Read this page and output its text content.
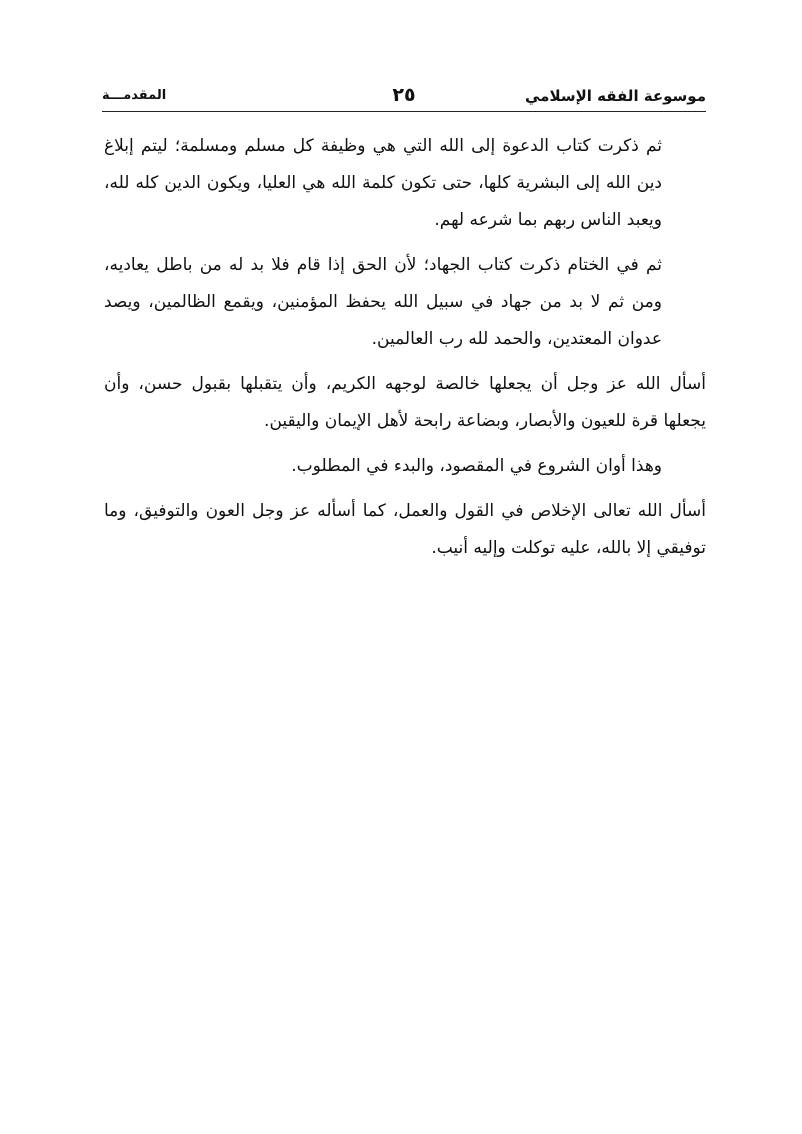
موسوعة الفقه الإسلامي
٢٥
المقدمـــة

ثم ذكرت كتاب الدعوة إلى الله التي هي وظيفة كل مسلم ومسلمة؛ ليتم إبلاغ دين الله إلى البشرية كلها، حتى تكون كلمة الله هي العليا، ويكون الدين كله لله، ويعبد الناس ربهم بما شرعه لهم.

ثم في الختام ذكرت كتاب الجهاد؛ لأن الحق إذا قام فلا بد له من باطل يعاديه، ومن ثم لا بد من جهاد في سبيل الله يحفظ المؤمنين، ويقمع الظالمين، ويصد عدوان المعتدين، والحمد لله رب العالمين.

أسأل الله عز وجل أن يجعلها خالصة لوجهه الكريم، وأن يتقبلها بقبول حسن، وأن يجعلها قرة للعيون والأبصار، وبضاعة رابحة لأهل الإيمان واليقين.

وهذا أوان الشروع في المقصود، والبدء في المطلوب.

أسأل الله تعالى الإخلاص في القول والعمل، كما أسأله عز وجل العون والتوفيق، وما توفيقي إلا بالله، عليه توكلت وإليه أنيب.
